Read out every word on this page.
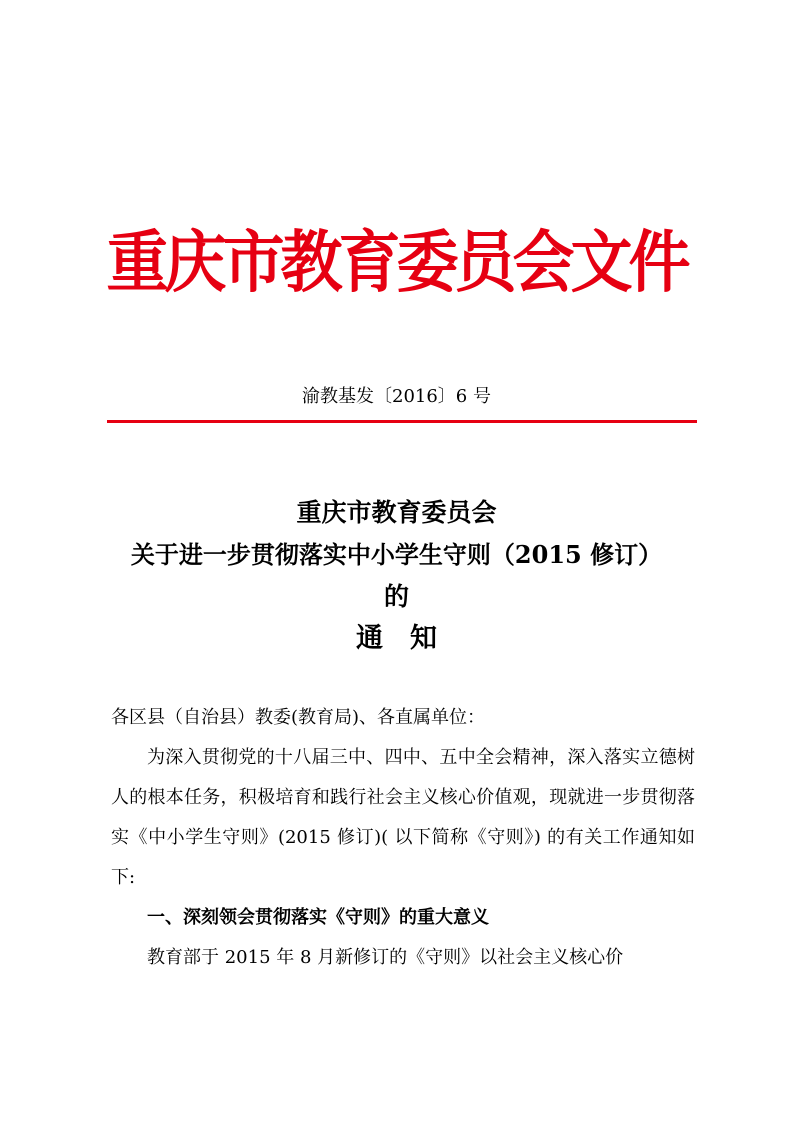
重庆市教育委员会文件
渝教基发〔2016〕6 号
重庆市教育委员会
关于进一步贯彻落实中小学生守则（2015 修订）
的
通　知
各区县（自治县）教委(教育局)、各直属单位：
为深入贯彻党的十八届三中、四中、五中全会精神，深入落实立德树人的根本任务，积极培育和践行社会主义核心价值观，现就进一步贯彻落实《中小学生守则》(2015 修订)( 以下简称《守则》) 的有关工作通知如下:
一、深刻领会贯彻落实《守则》的重大意义
教育部于 2015 年 8 月新修订的《守则》以社会主义核心价
